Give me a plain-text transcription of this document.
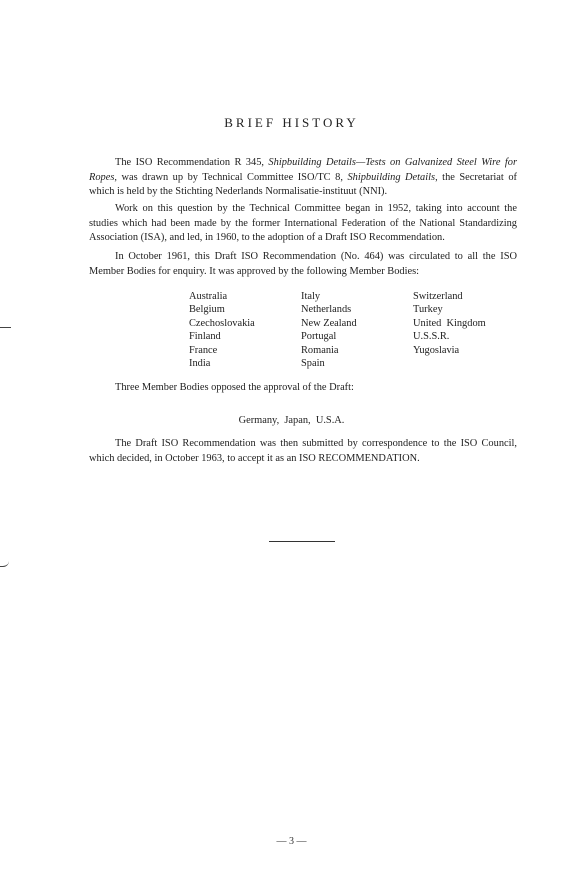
BRIEF HISTORY

The ISO Recommendation R 345, Shipbuilding Details—Tests on Galvanized Steel Wire for Ropes, was drawn up by Technical Committee ISO/TC 8, Shipbuilding Details, the Secretariat of which is held by the Stichting Nederlands Normalisatie-instituut (NNI).

Work on this question by the Technical Committee began in 1952, taking into account the studies which had been made by the former International Federation of the National Standardizing Association (ISA), and led, in 1960, to the adoption of a Draft ISO Recommendation.

In October 1961, this Draft ISO Recommendation (No. 464) was circulated to all the ISO Member Bodies for enquiry. It was approved by the following Member Bodies:

Australia
Belgium
Czechoslovakia
Finland
France
India
Italy
Netherlands
New Zealand
Portugal
Romania
Spain
Switzerland
Turkey
United  Kingdom
U.S.S.R.
Yugoslavia

Three Member Bodies opposed the approval of the Draft:

Germany,  Japan,  U.S.A.

The Draft ISO Recommendation was then submitted by correspondence to the ISO Council, which decided, in October 1963, to accept it as an ISO RECOMMENDATION.

— 3 —
